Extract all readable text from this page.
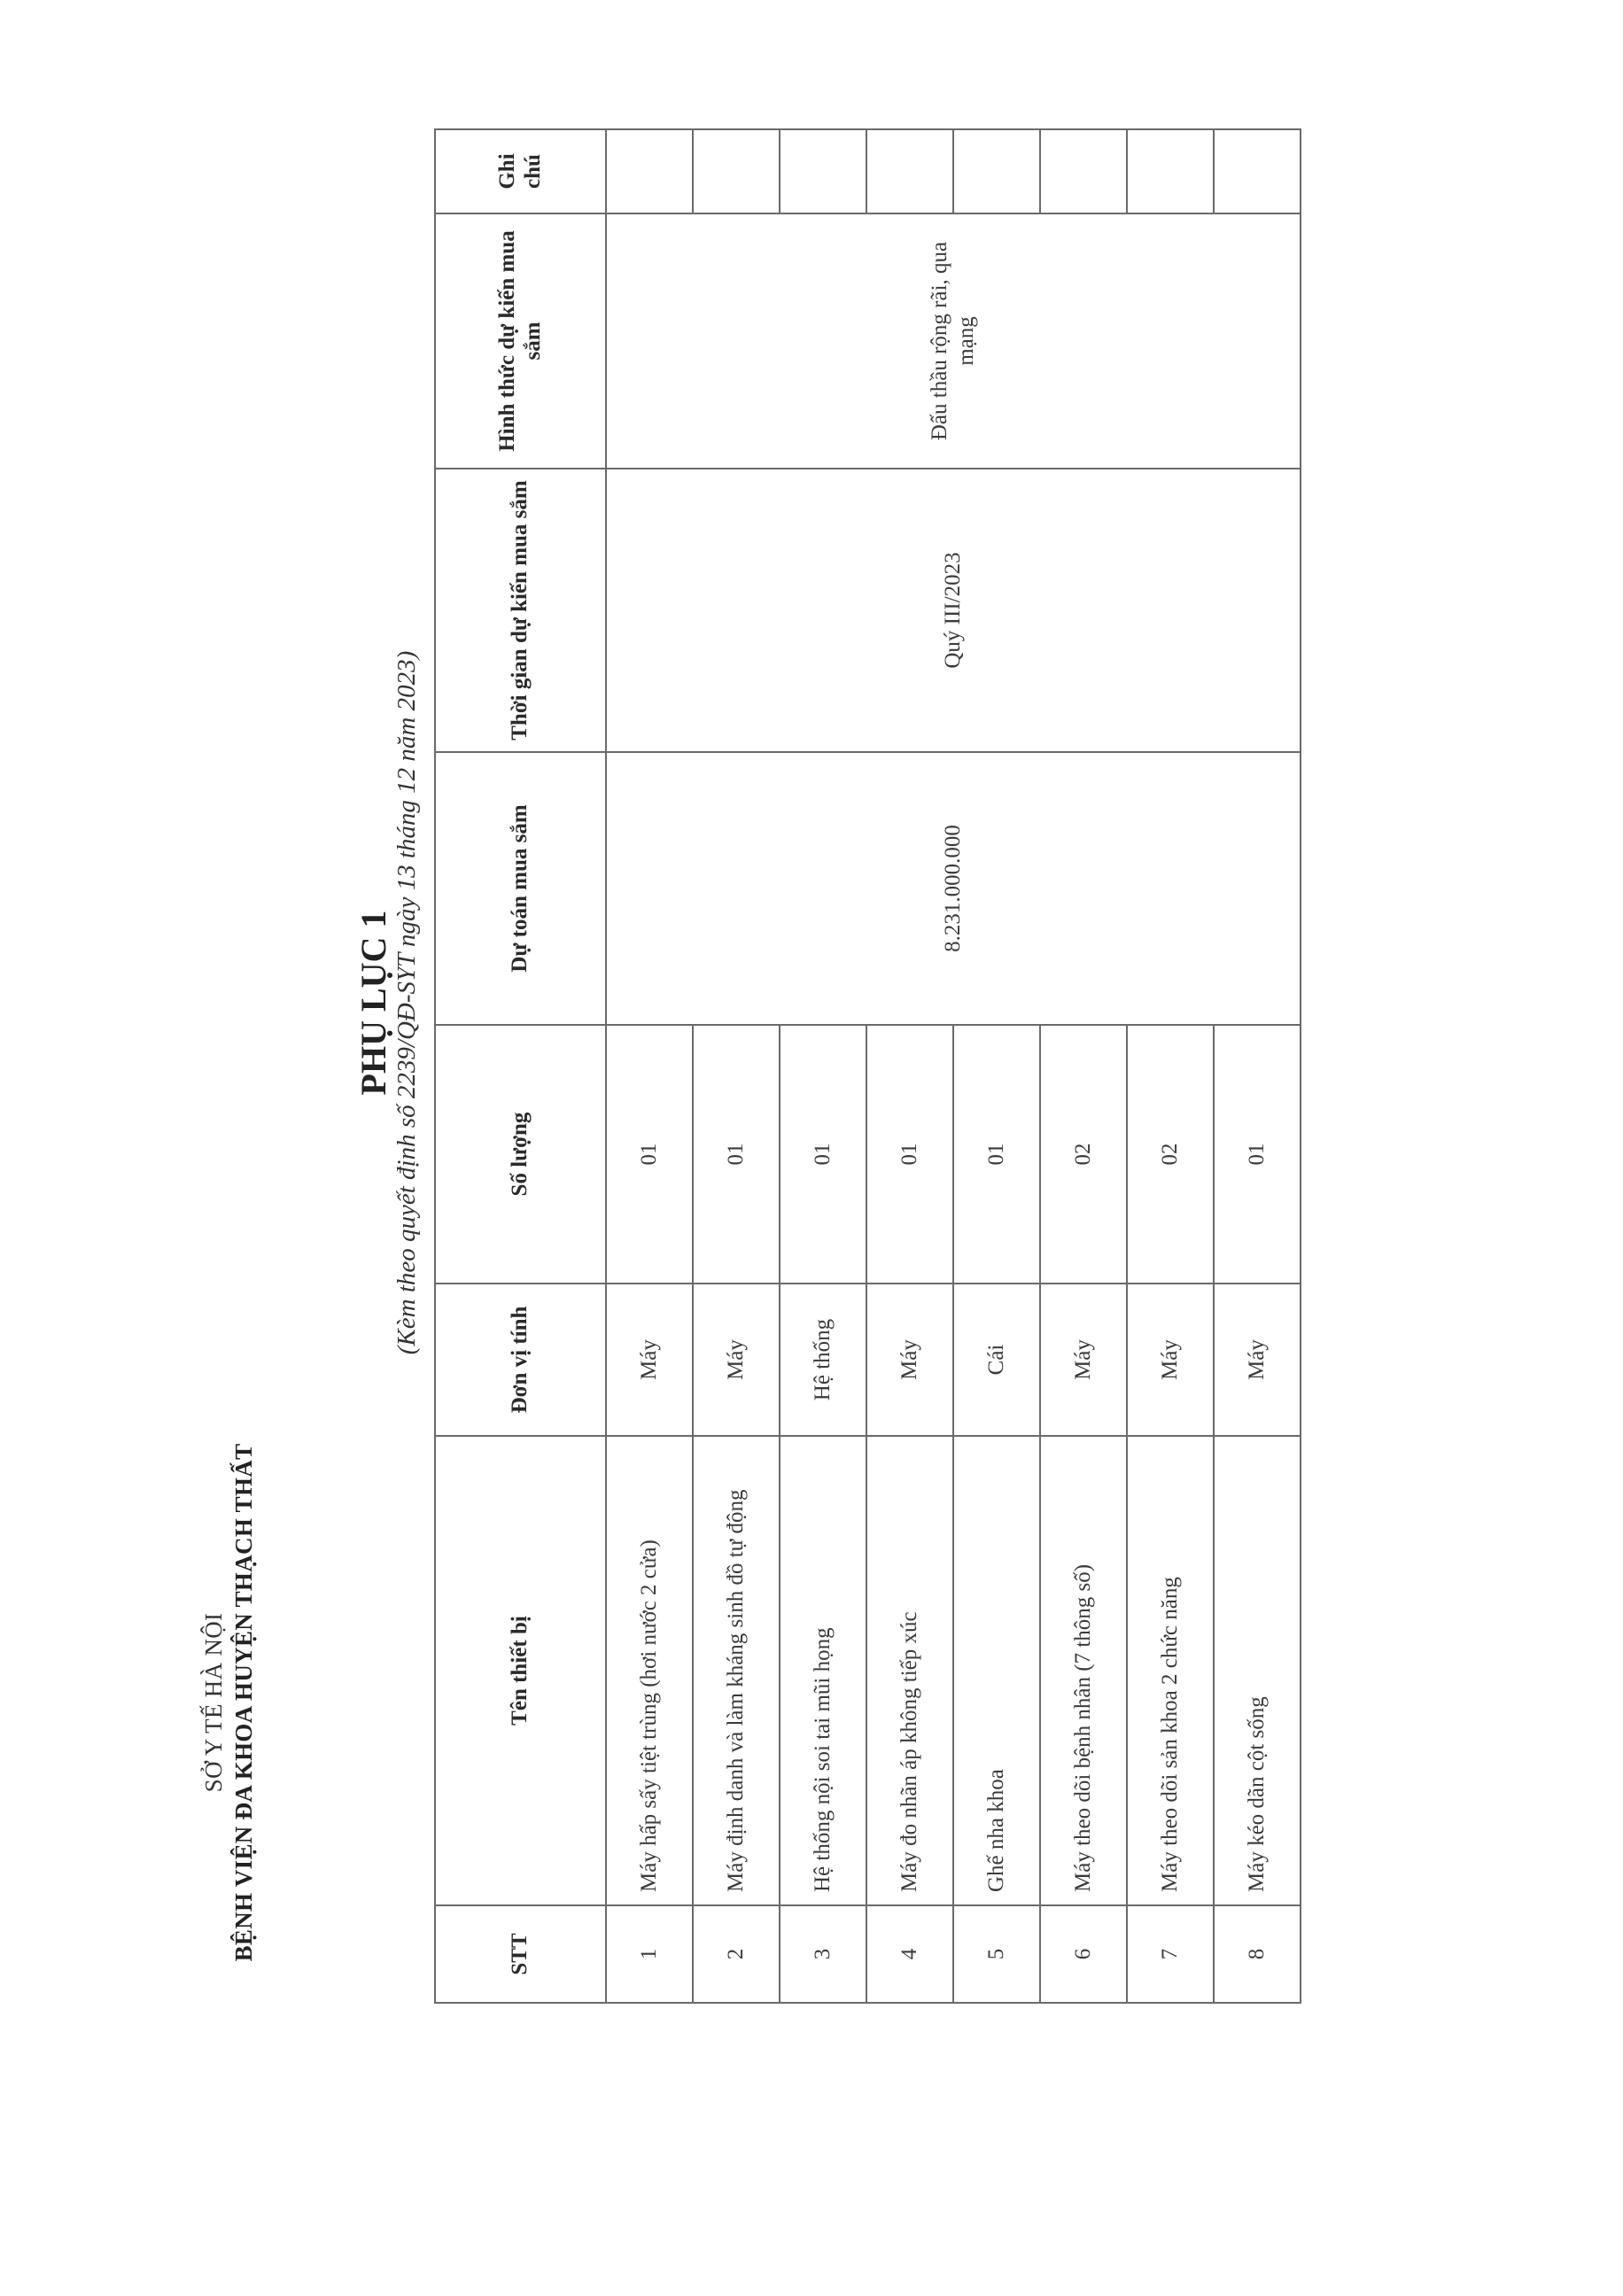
SỞ Y TẾ HÀ NỘI BỆNH VIỆN ĐA KHOA HUYỆN THẠCH THẤT
PHỤ LỤC 1 (Kèm theo quyết định số 2239/QĐ-SYT ngày 13 tháng 12 năm 2023)
STT	Tên thiết bị	Đơn vị tính	Số lượng	Dự toán mua sắm	Thời gian dự kiến mua sắm	Hình thức dự kiến mua sắm	Ghi chú
1	Máy hấp sấy tiệt trùng (hơi nước 2 cửa)	Máy	01	8.231.000.000	Quý III/2023	Đấu thầu rộng rãi, qua mạng	
2	Máy định danh và làm kháng sinh đồ tự động	Máy	01				
3	Hệ thống nội soi tai mũi họng	Hệ thống	01				
4	Máy đo nhãn áp không tiếp xúc	Máy	01				
5	Ghế nha khoa	Cái	01				
6	Máy theo dõi bệnh nhân (7 thông số)	Máy	02				
7	Máy theo dõi sản khoa 2 chức năng	Máy	02				
8	Máy kéo dãn cột sống	Máy	01				
